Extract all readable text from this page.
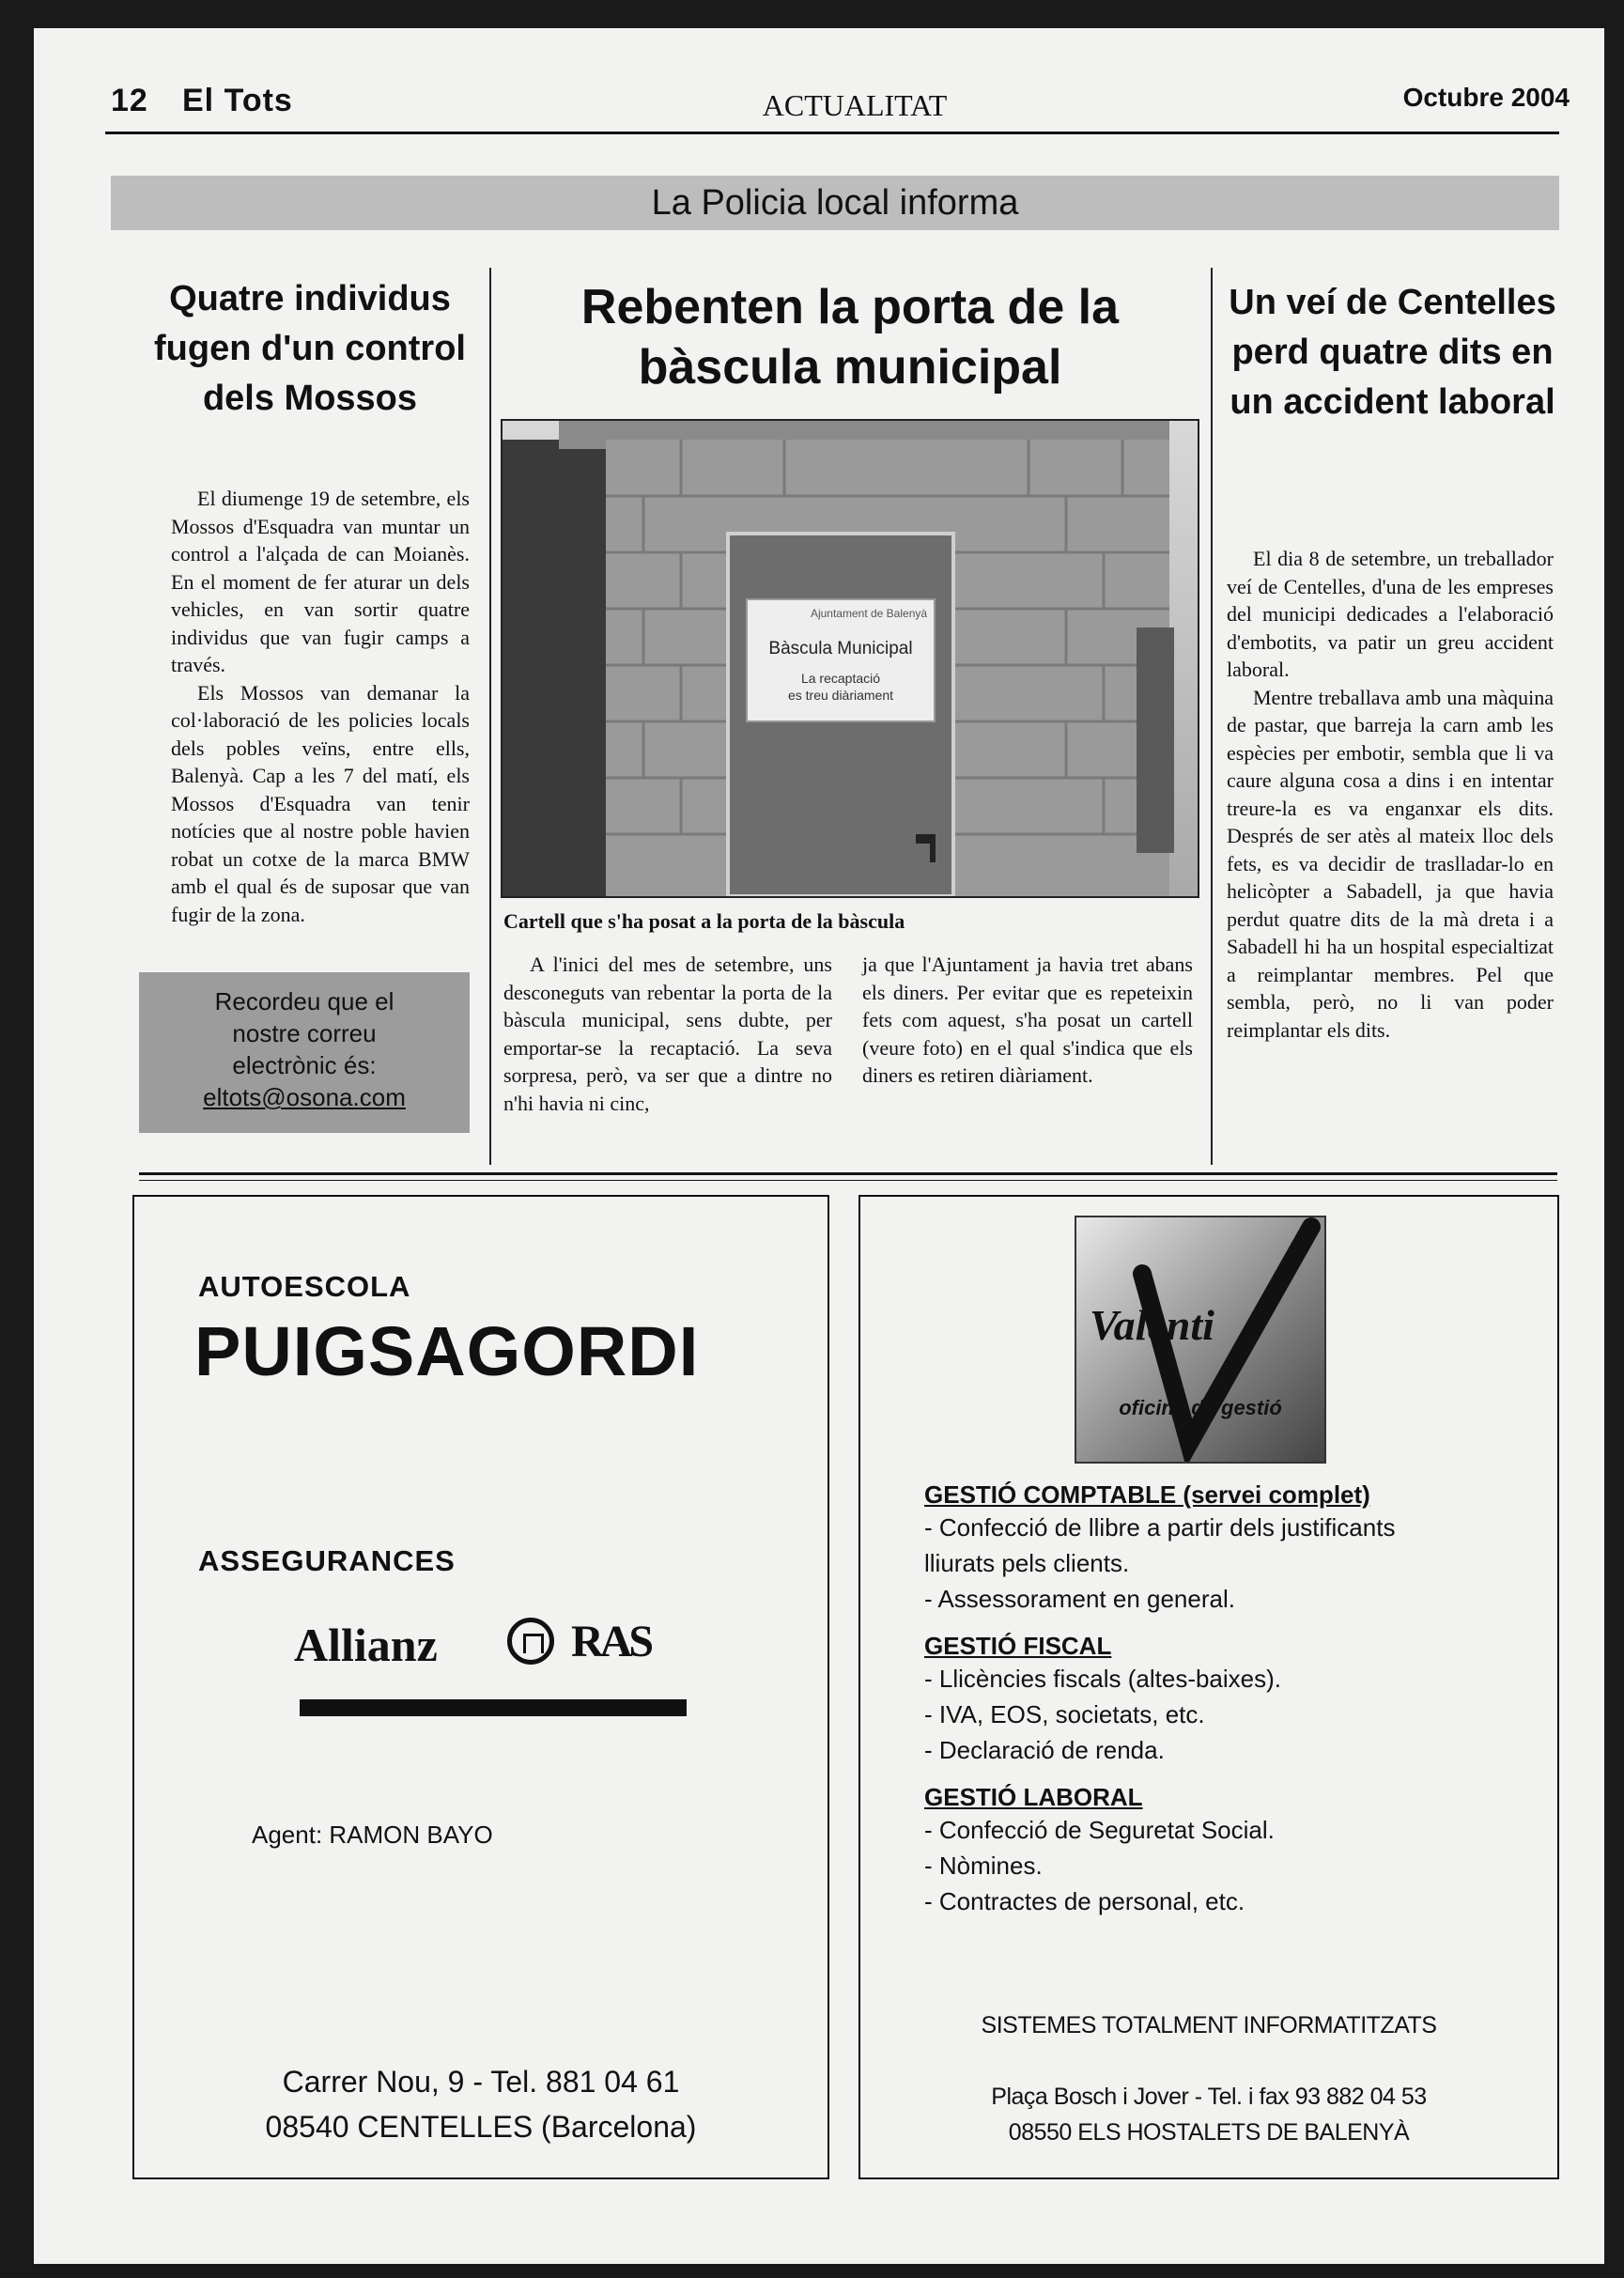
12 El Tots	ACTUALITAT	Octubre 2004
La Policia local informa
Quatre individus fugen d'un control dels Mossos

El diumenge 19 de setembre, els Mossos d'Esquadra van muntar un control a l'alçada de can Moianès. En el moment de fer aturar un dels vehicles, en van sortir quatre individus que van fugir camps a través.

Els Mossos van demanar la col·laboració de les policies locals dels pobles veïns, entre ells, Balenyà. Cap a les 7 del matí, els Mossos d'Esquadra van tenir notícies que al nostre poble havien robat un cotxe de la marca BMW amb el qual és de suposar que van fugir de la zona.

Recordeu que el
nostre correu
electrònic és:
eltots@osona.com
Rebenten la porta de la
bàscula municipal
Ajuntament de Balenyà
Bàscula Municipal
La recaptació
es treu diàriament
Cartell que s'ha posat a la porta de la bàscula

A l'inici del mes de setembre, uns desconeguts van rebentar la porta de la bàscula municipal, sens dubte, per emportar-se la recaptació. La seva sorpresa, però, va ser que a dintre no n'hi havia ni cinc,

ja que l'Ajuntament ja havia tret abans els diners. Per evitar que es repeteixin fets com aquest, s'ha posat un cartell (veure foto) en el qual s'indica que els diners es retiren diàriament.

Un veí de Centelles perd quatre dits en un accident laboral

El dia 8 de setembre, un treballador veí de Centelles, d'una de les empreses del municipi dedicades a l'elaboració d'embotits, va patir un greu accident laboral.

Mentre treballava amb una màquina de pastar, que barreja la carn amb les espècies per embotir, sembla que li va caure alguna cosa a dins i en intentar treure-la es va enganxar els dits. Després de ser atès al mateix lloc dels fets, es va decidir de traslladar-lo en helicòpter a Sabadell, ja que havia perdut quatre dits de la mà dreta i a Sabadell hi ha un hospital especialtizat a reimplantar membres. Pel que sembla, però, no li van poder reimplantar els dits.

AUTOESCOLA
PUIGSAGORDI
ASSEGURANCES
Allianz	RAS
Agent: RAMON BAYO
Carrer Nou, 9 - Tel. 881 04 61
08540 CENTELLES (Barcelona)
Valenti
oficina de gestió
GESTIÓ COMPTABLE (servei complet)
- Confecció de llibre a partir dels justificants
lliurats pels clients.
- Assessorament en general.
GESTIÓ FISCAL
- Llicències fiscals (altes-baixes).
- IVA, EOS, societats, etc.
- Declaració de renda.
GESTIÓ LABORAL
- Confecció de Seguretat Social.
- Nòmines.
- Contractes de personal, etc.
SISTEMES TOTALMENT INFORMATITZATS
Plaça Bosch i Jover - Tel. i fax 93 882 04 53
08550 ELS HOSTALETS DE BALENYÀ
